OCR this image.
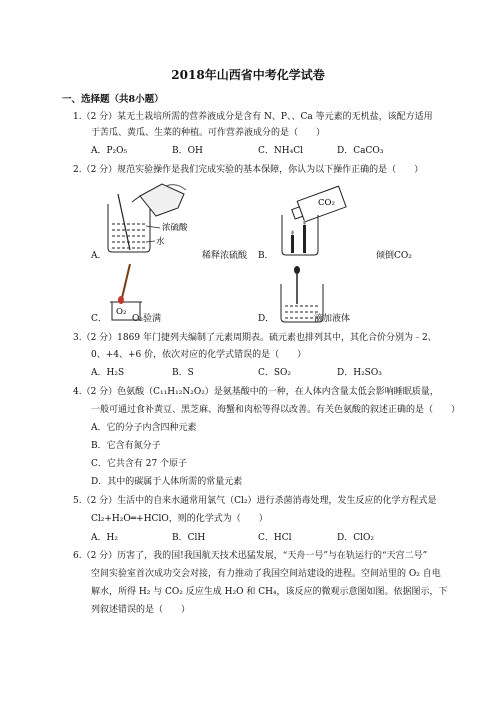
2018年山西省中考化学试卷
一、选择题（共8小题）
1.（2 分）某无土栽培所需的营养液成分是含有 N、P、、Ca 等元素的无机盐，该配方适用
于苦瓜、黄瓜、生菜的种植。可作营养液成分的是（　　）
A．P₂O₅	B．OH	C．NH₄Cl	D．CaCO₃
2.（2 分）规范实验操作是我们完成实验的基本保障，你认为以下操作正确的是（　　）
浓硫酸
水
A．	稀释浓硫酸
CO₂
B．	倾倒CO₂
O₂
C．	O₂验满	D．	滴加液体
3.（2 分）1869 年门捷列夫编制了元素周期表。硫元素也排列其中，其化合价分别为﹣2、
0、+4、+6 价，依次对应的化学式错误的是（　　）
A．H₂S	B．S	C．SO₂	D．H₂SO₃
4.（2 分）色氨酸（C₁₁H₁₂N₂O₂）是氨基酸中的一种，在人体内含量太低会影响睡眠质量，
一般可通过食补黄豆、黑芝麻、海蟹和肉松等得以改善。有关色氨酸的叙述正确的是（　　）
A．它的分子内含四种元素
B．它含有氮分子
C．它共含有 27 个原子
D．其中的碳属于人体所需的常量元素
5.（2 分）生活中的自来水通常用氯气（Cl₂）进行杀菌消毒处理，发生反应的化学方程式是
Cl₂+H₂O═+HClO，则的化学式为（　　）
A．H₂	B．ClH	C．HCl	D．ClO₂
6.（2 分）历害了，我的国!我国航天技术迅猛发展，“天舟一号”与在轨运行的“天宫二号”
空间实验室首次成功交会对接，有力推动了我国空间站建设的进程。空间站里的 O₂ 自电
解水，所得 H₂ 与 CO₂ 反应生成 H₂O 和 CH₄，该反应的微观示意图如图。依据图示，下
列叙述错误的是（　　）
